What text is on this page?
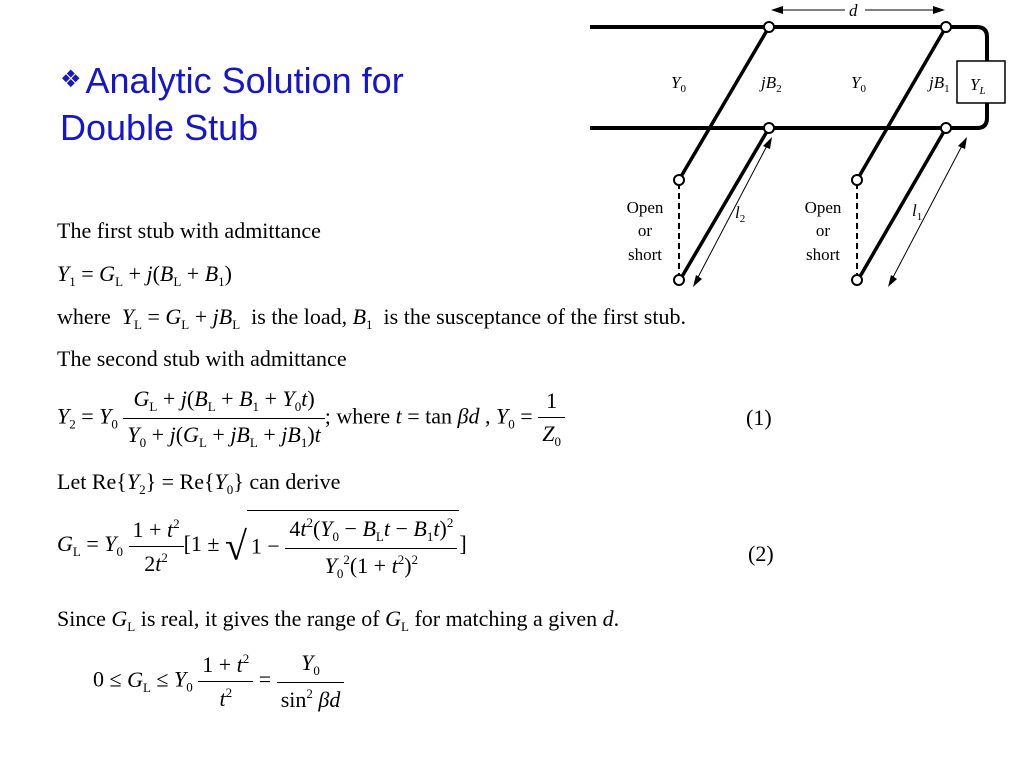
❖ Analytic Solution for
Double Stub
$Y_L$
d
$l_2$	$l_1$
$Y_0$	$jB_2$	$Y_0$	$jB_1$
Open
or
short
Open
or
short
The first stub with admittance
$Y_1 = G_L + j(B_L + B_1)$
where $Y_L = G_L + jB_L$ is the load, $B_1$ is the susceptance of the first stub.
The second stub with admittance
$Y_2 = Y_0 \frac{G_L + j(B_L + B_1 + Y_0t)}{Y_0 + j(G_L + jB_L + jB_1)t}$ ; where t = tan βd , $Y_0 = \frac{1}{Z_0}$	(1)
Let $Re\{Y_2\} = Re\{Y_0\}$ can derive
$G_L = Y_0 \frac{1 + t^2}{2t^2} [1$ ± √ $1 - \frac{4t^2(Y_0 - B_Lt - B_1t)^2}{Y_0^2(1 + t^2)^2}$ ]	(2)
Since $G_L$ is real, it gives the range of $G_L$ for matching a given d.
$0 \le G_L \le Y_0 \frac{1 + t^2}{t^2} = \frac{Y_0}{\sin^2 \beta d}$
